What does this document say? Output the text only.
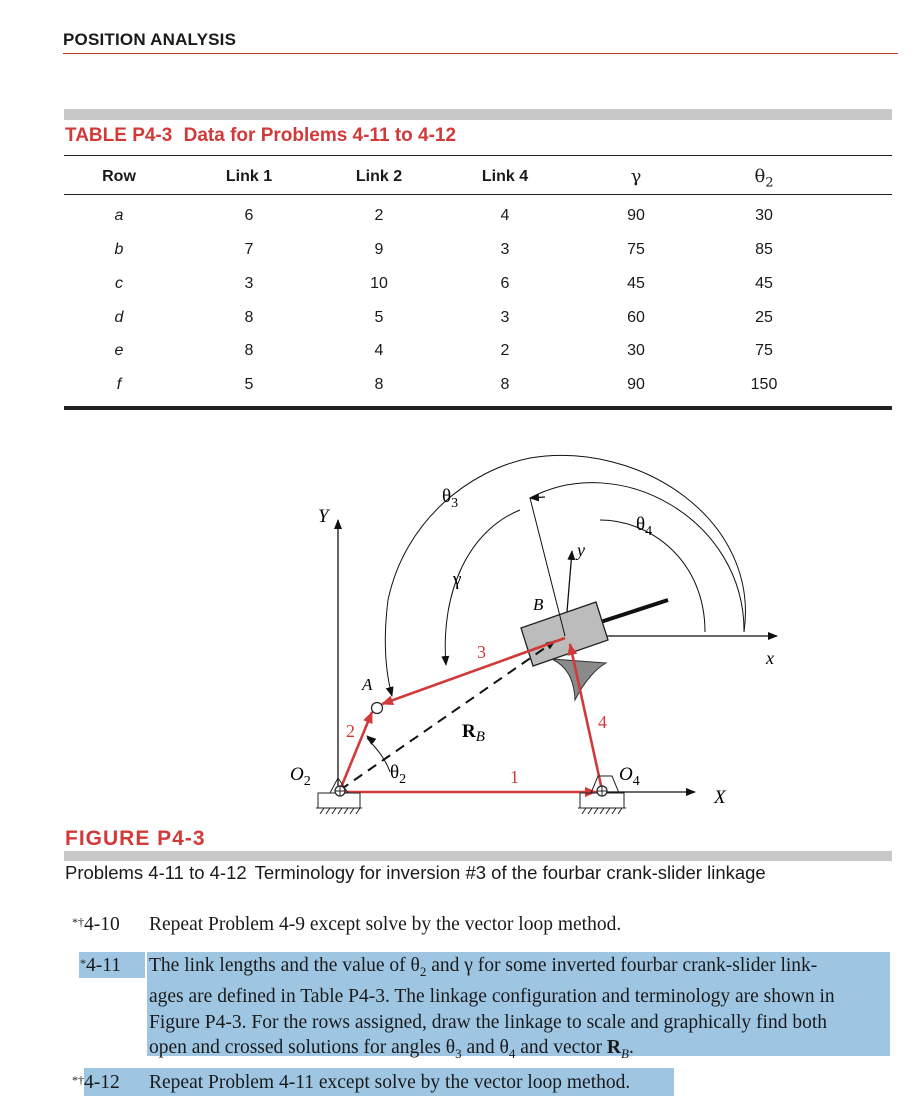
POSITION ANALYSIS
TABLE P4-3 Data for Problems 4-11 to 4-12
Row	Link 1	Link 2	Link 4	γ	$\theta_2$
a	6	2	4	90	30
b	7	9	3	75	85
c	3	10	6	45	45
d	8	5	3	60	25
e	8	4	2	30	75
f	5	8	8	90	150
Y
X
x
y
B
A
$O_2$	$O_4$
$\theta_3$
$\theta_4$
$\theta_2$
γ
$R_B$
1
2
3
4
FIGURE P4-3
Problems 4-11 to 4-12 Terminology for inversion #3 of the fourbar crank-slider linkage
*†4-10 Repeat Problem 4-9 except solve by the vector loop method.
*4-11 The link lengths and the value of $\theta_2$ and γ for some inverted fourbar crank-slider link-
ages are defined in Table P4-3. The linkage configuration and terminology are shown in
Figure P4-3. For the rows assigned, draw the linkage to scale and graphically find both
open and crossed solutions for angles $\theta_3$ and $\theta_4$ and vector $R_B$.
*†4-12 Repeat Problem 4-11 except solve by the vector loop method.
